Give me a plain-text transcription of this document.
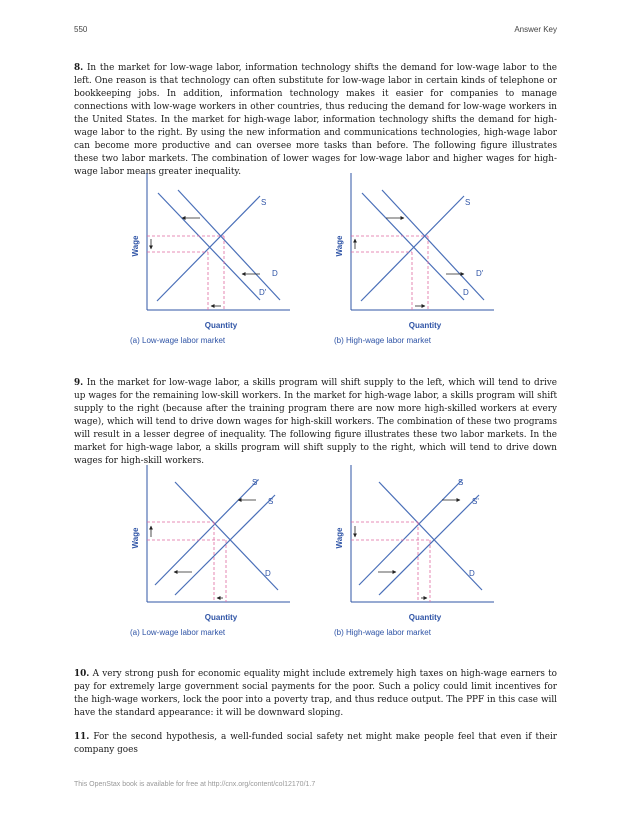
550	Answer Key

8. In the market for low-wage labor, information technology shifts the demand for low-wage labor to the left. One reason is that technology can often substitute for low-wage labor in certain kinds of telephone or bookkeeping jobs. In addition, information technology makes it easier for companies to manage connections with low-wage workers in other countries, thus reducing the demand for low-wage workers in the United States. In the market for high-wage labor, information technology shifts the demand for high-wage labor to the right. By using the new information and communications technologies, high-wage labor can become more productive and can oversee more tasks than before. The following figure illustrates these two labor markets. The combination of lower wages for low-wage labor and higher wages for high-wage labor means greater inequality.

S
D
D'
Wage
Quantity
(a) Low-wage labor market
S
D'
D
Wage
Quantity
(b) High-wage labor market

9. In the market for low-wage labor, a skills program will shift supply to the left, which will tend to drive up wages for the remaining low-skill workers. In the market for high-wage labor, a skills program will shift supply to the right (because after the training program there are now more high-skilled workers at every wage), which will tend to drive down wages for high-skill workers. The combination of these two programs will result in a lesser degree of inequality. The following figure illustrates these two labor markets. In the market for high-wage labor, a skills program will shift supply to the right, which will tend to drive down wages for high-skill workers.

S'
S
D
Wage
Quantity
(a) Low-wage labor market
S
S'
D
Wage
Quantity
(b) High-wage labor market

10. A very strong push for economic equality might include extremely high taxes on high-wage earners to pay for extremely large government social payments for the poor. Such a policy could limit incentives for the high-wage workers, lock the poor into a poverty trap, and thus reduce output. The PPF in this case will have the standard appearance: it will be downward sloping.

11. For the second hypothesis, a well-funded social safety net might make people feel that even if their company goes

This OpenStax book is available for free at http://cnx.org/content/col12170/1.7
